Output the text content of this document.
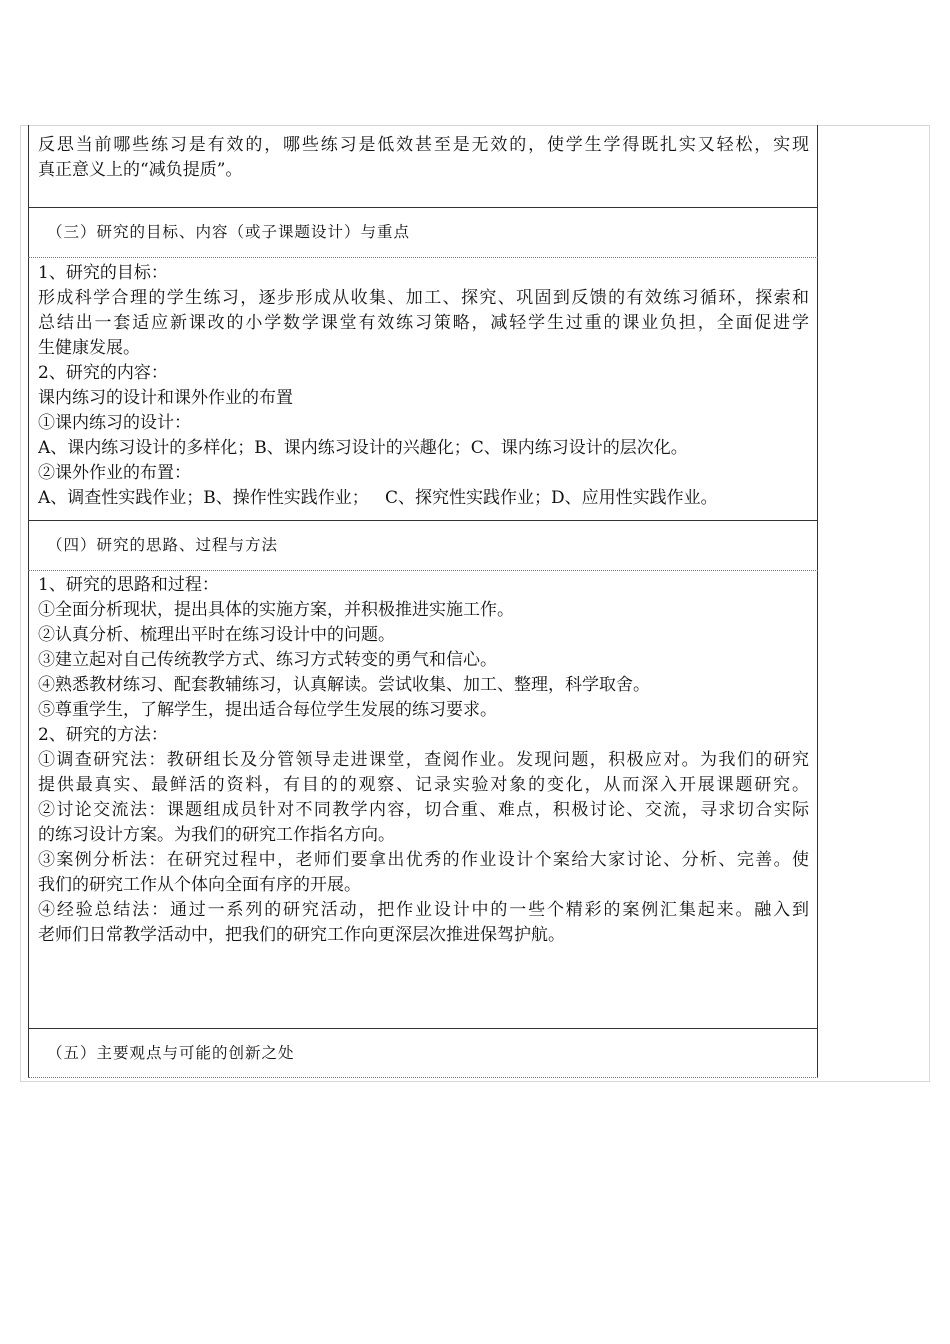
反思当前哪些练习是有效的，哪些练习是低效甚至是无效的，使学生学得既扎实又轻松，实现
真正意义上的“减负提质”。
（三）研究的目标、内容（或子课题设计）与重点
1、研究的目标：
形成科学合理的学生练习，逐步形成从收集、加工、探究、巩固到反馈的有效练习循环，探索和
总结出一套适应新课改的小学数学课堂有效练习策略，减轻学生过重的课业负担，全面促进学
生健康发展。
2、研究的内容：
课内练习的设计和课外作业的布置
①课内练习的设计：
A、课内练习设计的多样化；B、课内练习设计的兴趣化；C、课内练习设计的层次化。
②课外作业的布置：
A、调查性实践作业；B、操作性实践作业；   C、探究性实践作业；D、应用性实践作业。
（四）研究的思路、过程与方法
1、研究的思路和过程：
①全面分析现状，提出具体的实施方案，并积极推进实施工作。
②认真分析、梳理出平时在练习设计中的问题。
③建立起对自己传统教学方式、练习方式转变的勇气和信心。
④熟悉教材练习、配套教辅练习，认真解读。尝试收集、加工、整理，科学取舍。
⑤尊重学生，了解学生，提出适合每位学生发展的练习要求。
2、研究的方法：
①调查研究法：教研组长及分管领导走进课堂，查阅作业。发现问题，积极应对。为我们的研究
提供最真实、最鲜活的资料，有目的的观察、记录实验对象的变化，从而深入开展课题研究。
②讨论交流法：课题组成员针对不同教学内容，切合重、难点，积极讨论、交流，寻求切合实际
的练习设计方案。为我们的研究工作指名方向。
③案例分析法：在研究过程中，老师们要拿出优秀的作业设计个案给大家讨论、分析、完善。使
我们的研究工作从个体向全面有序的开展。
④经验总结法：通过一系列的研究活动，把作业设计中的一些个精彩的案例汇集起来。融入到
老师们日常教学活动中，把我们的研究工作向更深层次推进保驾护航。
（五）主要观点与可能的创新之处
